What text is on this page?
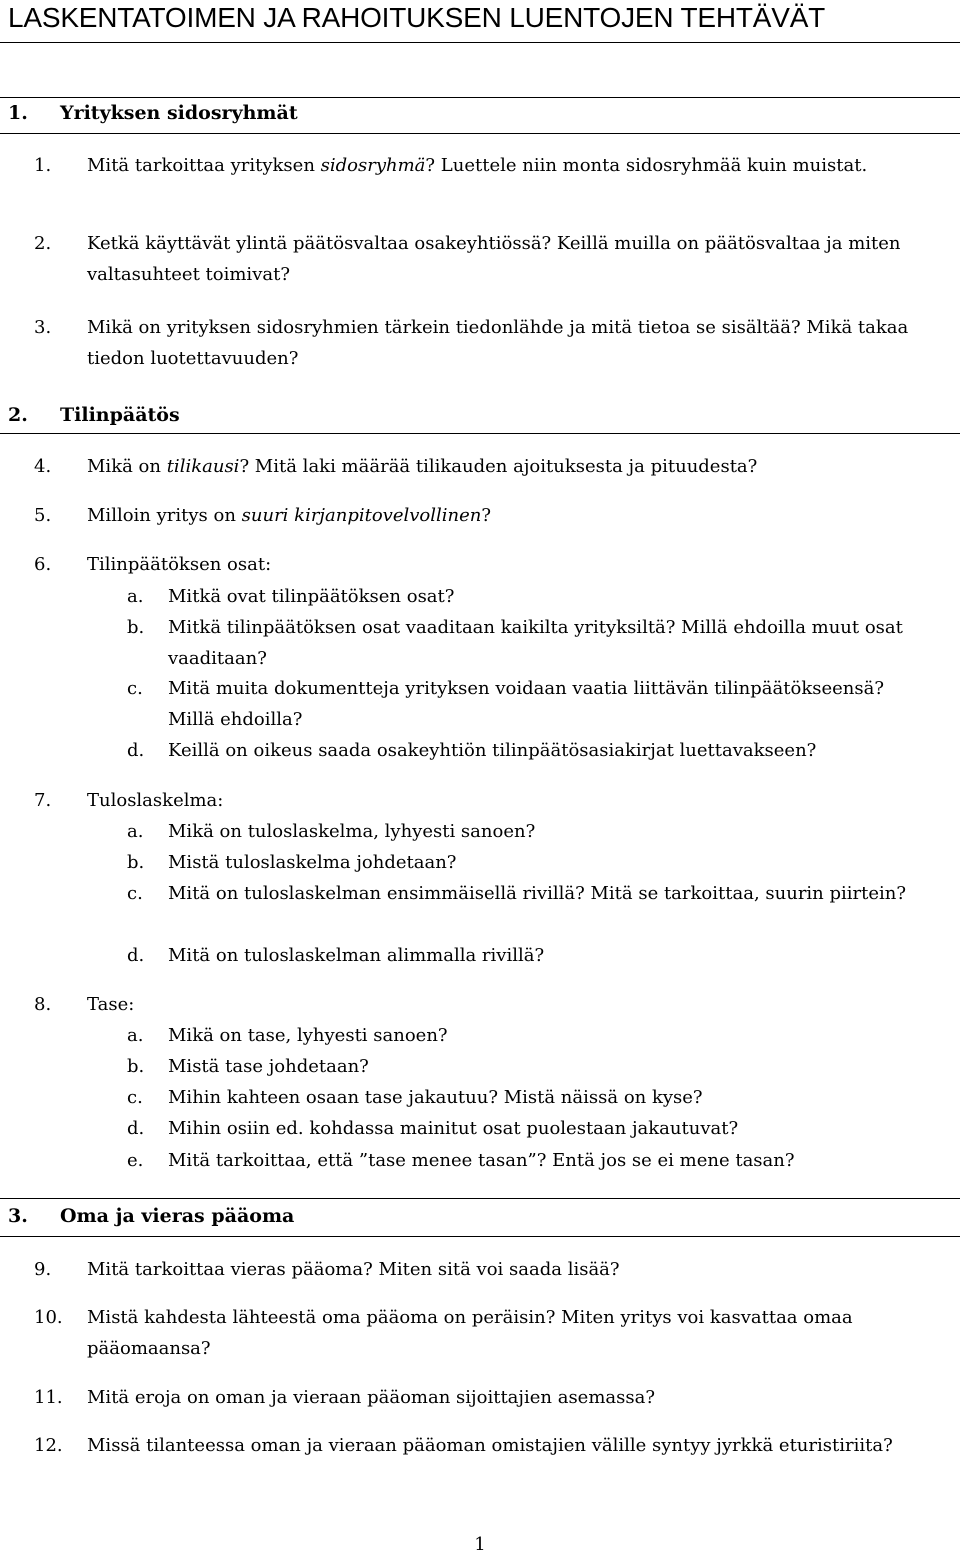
LASKENTATOIMEN JA RAHOITUKSEN LUENTOJEN TEHTÄVÄT
1. Yrityksen sidosryhmät
1. Mitä tarkoittaa yrityksen sidosryhmä? Luettele niin monta sidosryhmää kuin muistat.
2. Ketkä käyttävät ylintä päätösvaltaa osakeyhtiössä? Keillä muilla on päätösvaltaa ja miten valtasuhteet toimivat?
3. Mikä on yrityksen sidosryhmien tärkein tiedonlähde ja mitä tietoa se sisältää? Mikä takaa tiedon luotettavuuden?
2. Tilinpäätös
4. Mikä on tilikausi? Mitä laki määrää tilikauden ajoituksesta ja pituudesta?
5. Milloin yritys on suuri kirjanpitovelvollinen?
6. Tilinpäätöksen osat:
a. Mitkä ovat tilinpäätöksen osat?
b. Mitkä tilinpäätöksen osat vaaditaan kaikilta yrityksiltä? Millä ehdoilla muut osat vaaditaan?
c. Mitä muita dokumentteja yrityksen voidaan vaatia liittävän tilinpäätökseensä? Millä ehdoilla?
d. Keillä on oikeus saada osakeyhtiön tilinpäätösasiakirjat luettavakseen?
7. Tuloslaskelma:
a. Mikä on tuloslaskelma, lyhyesti sanoen?
b. Mistä tuloslaskelma johdetaan?
c. Mitä on tuloslaskelman ensimmäisellä rivillä? Mitä se tarkoittaa, suurin piirtein?
d. Mitä on tuloslaskelman alimmalla rivillä?
8. Tase:
a. Mikä on tase, lyhyesti sanoen?
b. Mistä tase johdetaan?
c. Mihin kahteen osaan tase jakautuu? Mistä näissä on kyse?
d. Mihin osiin ed. kohdassa mainitut osat puolestaan jakautuvat?
e. Mitä tarkoittaa, että ”tase menee tasan”? Entä jos se ei mene tasan?
3. Oma ja vieras pääoma
9. Mitä tarkoittaa vieras pääoma? Miten sitä voi saada lisää?
10. Mistä kahdesta lähteestä oma pääoma on peräisin? Miten yritys voi kasvattaa omaa pääomaansa?
11. Mitä eroja on oman ja vieraan pääoman sijoittajien asemassa?
12. Missä tilanteessa oman ja vieraan pääoman omistajien välille syntyy jyrkkä eturistiriita?
1
